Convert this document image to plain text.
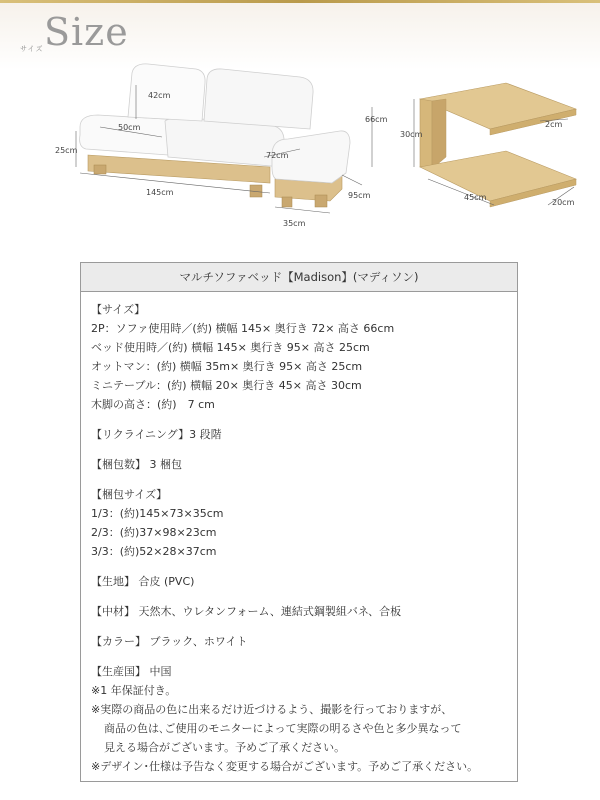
サイズ Size
42cm
50cm
66cm
25cm
72cm
145cm	95cm
35cm
30cm
2cm
45cm
20cm
マルチソファベッド【Madison】(マディソン)
【サイズ】
2P：ソファ使用時／(約) 横幅 145× 奥行き 72× 高さ 66cm
ベッド使用時／(約) 横幅 145× 奥行き 95× 高さ 25cm
オットマン：(約) 横幅 35m× 奥行き 95× 高さ 25cm
ミニテーブル：(約) 横幅 20× 奥行き 45× 高さ 30cm
木脚の高さ：(約)　7 cm
【リクライニング】3 段階
【梱包数】 3 梱包
【梱包サイズ】
1/3：(約)145×73×35cm
2/3：(約)37×98×23cm
3/3：(約)52×28×37cm
【生地】 合皮 (PVC)
【中材】 天然木、ウレタンフォーム、連結式鋼製組バネ、合板
【カラー】 ブラック、ホワイト
【生産国】 中国
※1 年保証付き。
※実際の商品の色に出来るだけ近づけるよう、撮影を行っておりますが、
商品の色は､ご使用のモニターによって実際の明るさや色と多少異なって
見える場合がございます。予めご了承ください。
※デザイン･仕様は予告なく変更する場合がございます。予めご了承ください。
